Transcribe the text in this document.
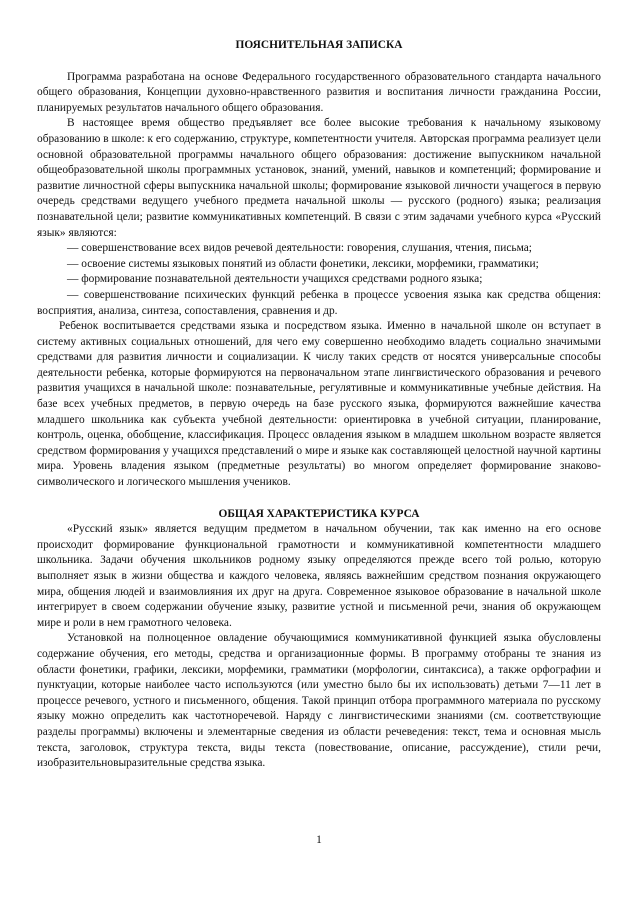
ПОЯСНИТЕЛЬНАЯ ЗАПИСКА

Программа разработана на основе Федерального государственного образовательного стандарта начального общего образования, Концепции духовно-нравственного развития и воспитания личности гражданина России, планируемых результатов начального общего образования.

В настоящее время общество предъявляет все более высокие требования к начальному языковому образованию в школе: к его содержанию, структуре, компетентности учителя. Авторская программа реализует цели основной образовательной программы начального общего образования: достижение выпускником начальной общеобразовательной школы программных установок, знаний, умений, навыков и компетенций; формирование и развитие личностной сферы выпускника начальной школы; формирование языковой личности учащегося в первую очередь средствами ведущего учебного предмета начальной школы — русского (родного) языка; реализация познавательной цели; развитие коммуникативных компетенций. В связи с этим задачами учебного курса «Русский язык» являются:

— совершенствование всех видов речевой деятельности: говорения, слушания, чтения, письма;

— освоение системы языковых понятий из области фонетики, лексики, морфемики, грамматики;

— формирование познавательной деятельности учащихся средствами родного языка;

— совершенствование психических функций ребенка в процессе усвоения языка как средства общения: восприятия, анализа, синтеза, сопоставления, сравнения и др.

Ребенок воспитывается средствами языка и посредством языка. Именно в начальной школе он вступает в систему активных социальных отношений, для чего ему совершенно необходимо владеть социально значимыми средствами для развития личности и социализации. К числу таких средств от носятся универсальные способы деятельности ребенка, которые формируются на первоначальном этапе лингвистического образования и речевого развития учащихся в начальной школе: познавательные, регулятивные и коммуникативные учебные действия. На базе всех учебных предметов, в первую очередь на базе русского языка, формируются важнейшие качества младшего школьника как субъекта учебной деятельности: ориентировка в учебной ситуации, планирование, контроль, оценка, обобщение, классификация. Процесс овладения языком в младшем школьном возрасте является средством формирования у учащихся представлений о мире и языке как составляющей целостной научной картины мира. Уровень владения языком (предметные результаты) во многом определяет формирование знаково-символического и логического мышления учеников.

ОБЩАЯ ХАРАКТЕРИСТИКА КУРСА

«Русский язык» является ведущим предметом в начальном обучении, так как именно на его основе происходит формирование функциональной грамотности и коммуникативной компетентности младшего школьника. Задачи обучения школьников родному языку определяются прежде всего той ролью, которую выполняет язык в жизни общества и каждого человека, являясь важнейшим средством познания окружающего мира, общения людей и взаимовлияния их друг на друга. Современное языковое образование в начальной школе интегрирует в своем содержании обучение языку, развитие устной и письменной речи, знания об окружающем мире и роли в нем грамотного человека.

Установкой на полноценное овладение обучающимися коммуникативной функцией языка обусловлены содержание обучения, его методы, средства и организационные формы. В программу отобраны те знания из области фонетики, графики, лексики, морфемики, грамматики (морфологии, синтаксиса), а также орфографии и пунктуации, которые наиболее часто используются (или уместно было бы их использовать) детьми 7—11 лет в процессе речевого, устного и письменного, общения. Такой принцип отбора программного материала по русскому языку можно определить как частотноречевой. Наряду с лингвистическими знаниями (см. соответствующие разделы программы) включены и элементарные сведения из области речеведения: текст, тема и основная мысль текста, заголовок, структура текста, виды текста (повествование, описание, рассуждение), стили речи, изобразительновыразительные средства языка.

1
